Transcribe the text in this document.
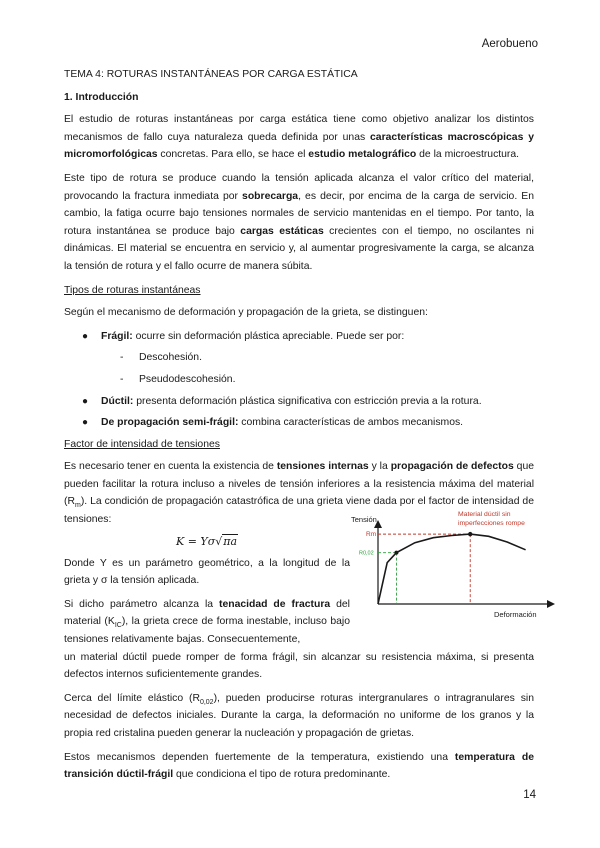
Aerobueno

TEMA 4: ROTURAS INSTANTÁNEAS POR CARGA ESTÁTICA

1. Introducción

El estudio de roturas instantáneas por carga estática tiene como objetivo analizar los distintos mecanismos de fallo cuya naturaleza queda definida por unas características macroscópicas y micromorfológicas concretas. Para ello, se hace el estudio metalográfico de la microestructura.

Este tipo de rotura se produce cuando la tensión aplicada alcanza el valor crítico del material, provocando la fractura inmediata por sobrecarga, es decir, por encima de la carga de servicio. En cambio, la fatiga ocurre bajo tensiones normales de servicio mantenidas en el tiempo. Por tanto, la rotura instantánea se produce bajo cargas estáticas crecientes con el tiempo, no oscilantes ni dinámicas. El material se encuentra en servicio y, al aumentar progresivamente la carga, se alcanza la tensión de rotura y el fallo ocurre de manera súbita.

Tipos de roturas instantáneas

Según el mecanismo de deformación y propagación de la grieta, se distinguen:

● Frágil: ocurre sin deformación plástica apreciable. Puede ser por:
- Descohesión.
- Pseudodescohesión.
● Dúctil: presenta deformación plástica significativa con estricción previa a la rotura.
● De propagación semi-frágil: combina características de ambos mecanismos.

Factor de intensidad de tensiones

Es necesario tener en cuenta la existencia de tensiones internas y la propagación de defectos que pueden facilitar la rotura incluso a niveles de tensión inferiores a la resistencia máxima del material $(R_m)$. La condición de propagación catastrófica de una grieta viene dada por el factor de intensidad de tensiones:

K = Yσ√πa

Donde Y es un parámetro geométrico, a la longitud de la grieta y σ la tensión aplicada.

Si dicho parámetro alcanza la tenacidad de fractura del material $(K_{IC})$, la grieta crece de forma inestable, incluso bajo tensiones relativamente bajas. Consecuentemente,
un material dúctil puede romper de forma frágil, sin alcanzar su resistencia máxima, si presenta defectos internos suficientemente grandes.

Cerca del límite elástico $(R_{0,02})$, pueden producirse roturas intergranulares o intragranulares sin necesidad de defectos iniciales. Durante la carga, la deformación no uniforme de los granos y la propia red cristalina pueden generar la nucleación y propagación de grietas.

Estos mecanismos dependen fuertemente de la temperatura, existiendo una temperatura de transición dúctil-frágil que condiciona el tipo de rotura predominante.

Tensión
Deformación
Rm
R0,02
Material dúctil sin imperfecciones rompe
14
